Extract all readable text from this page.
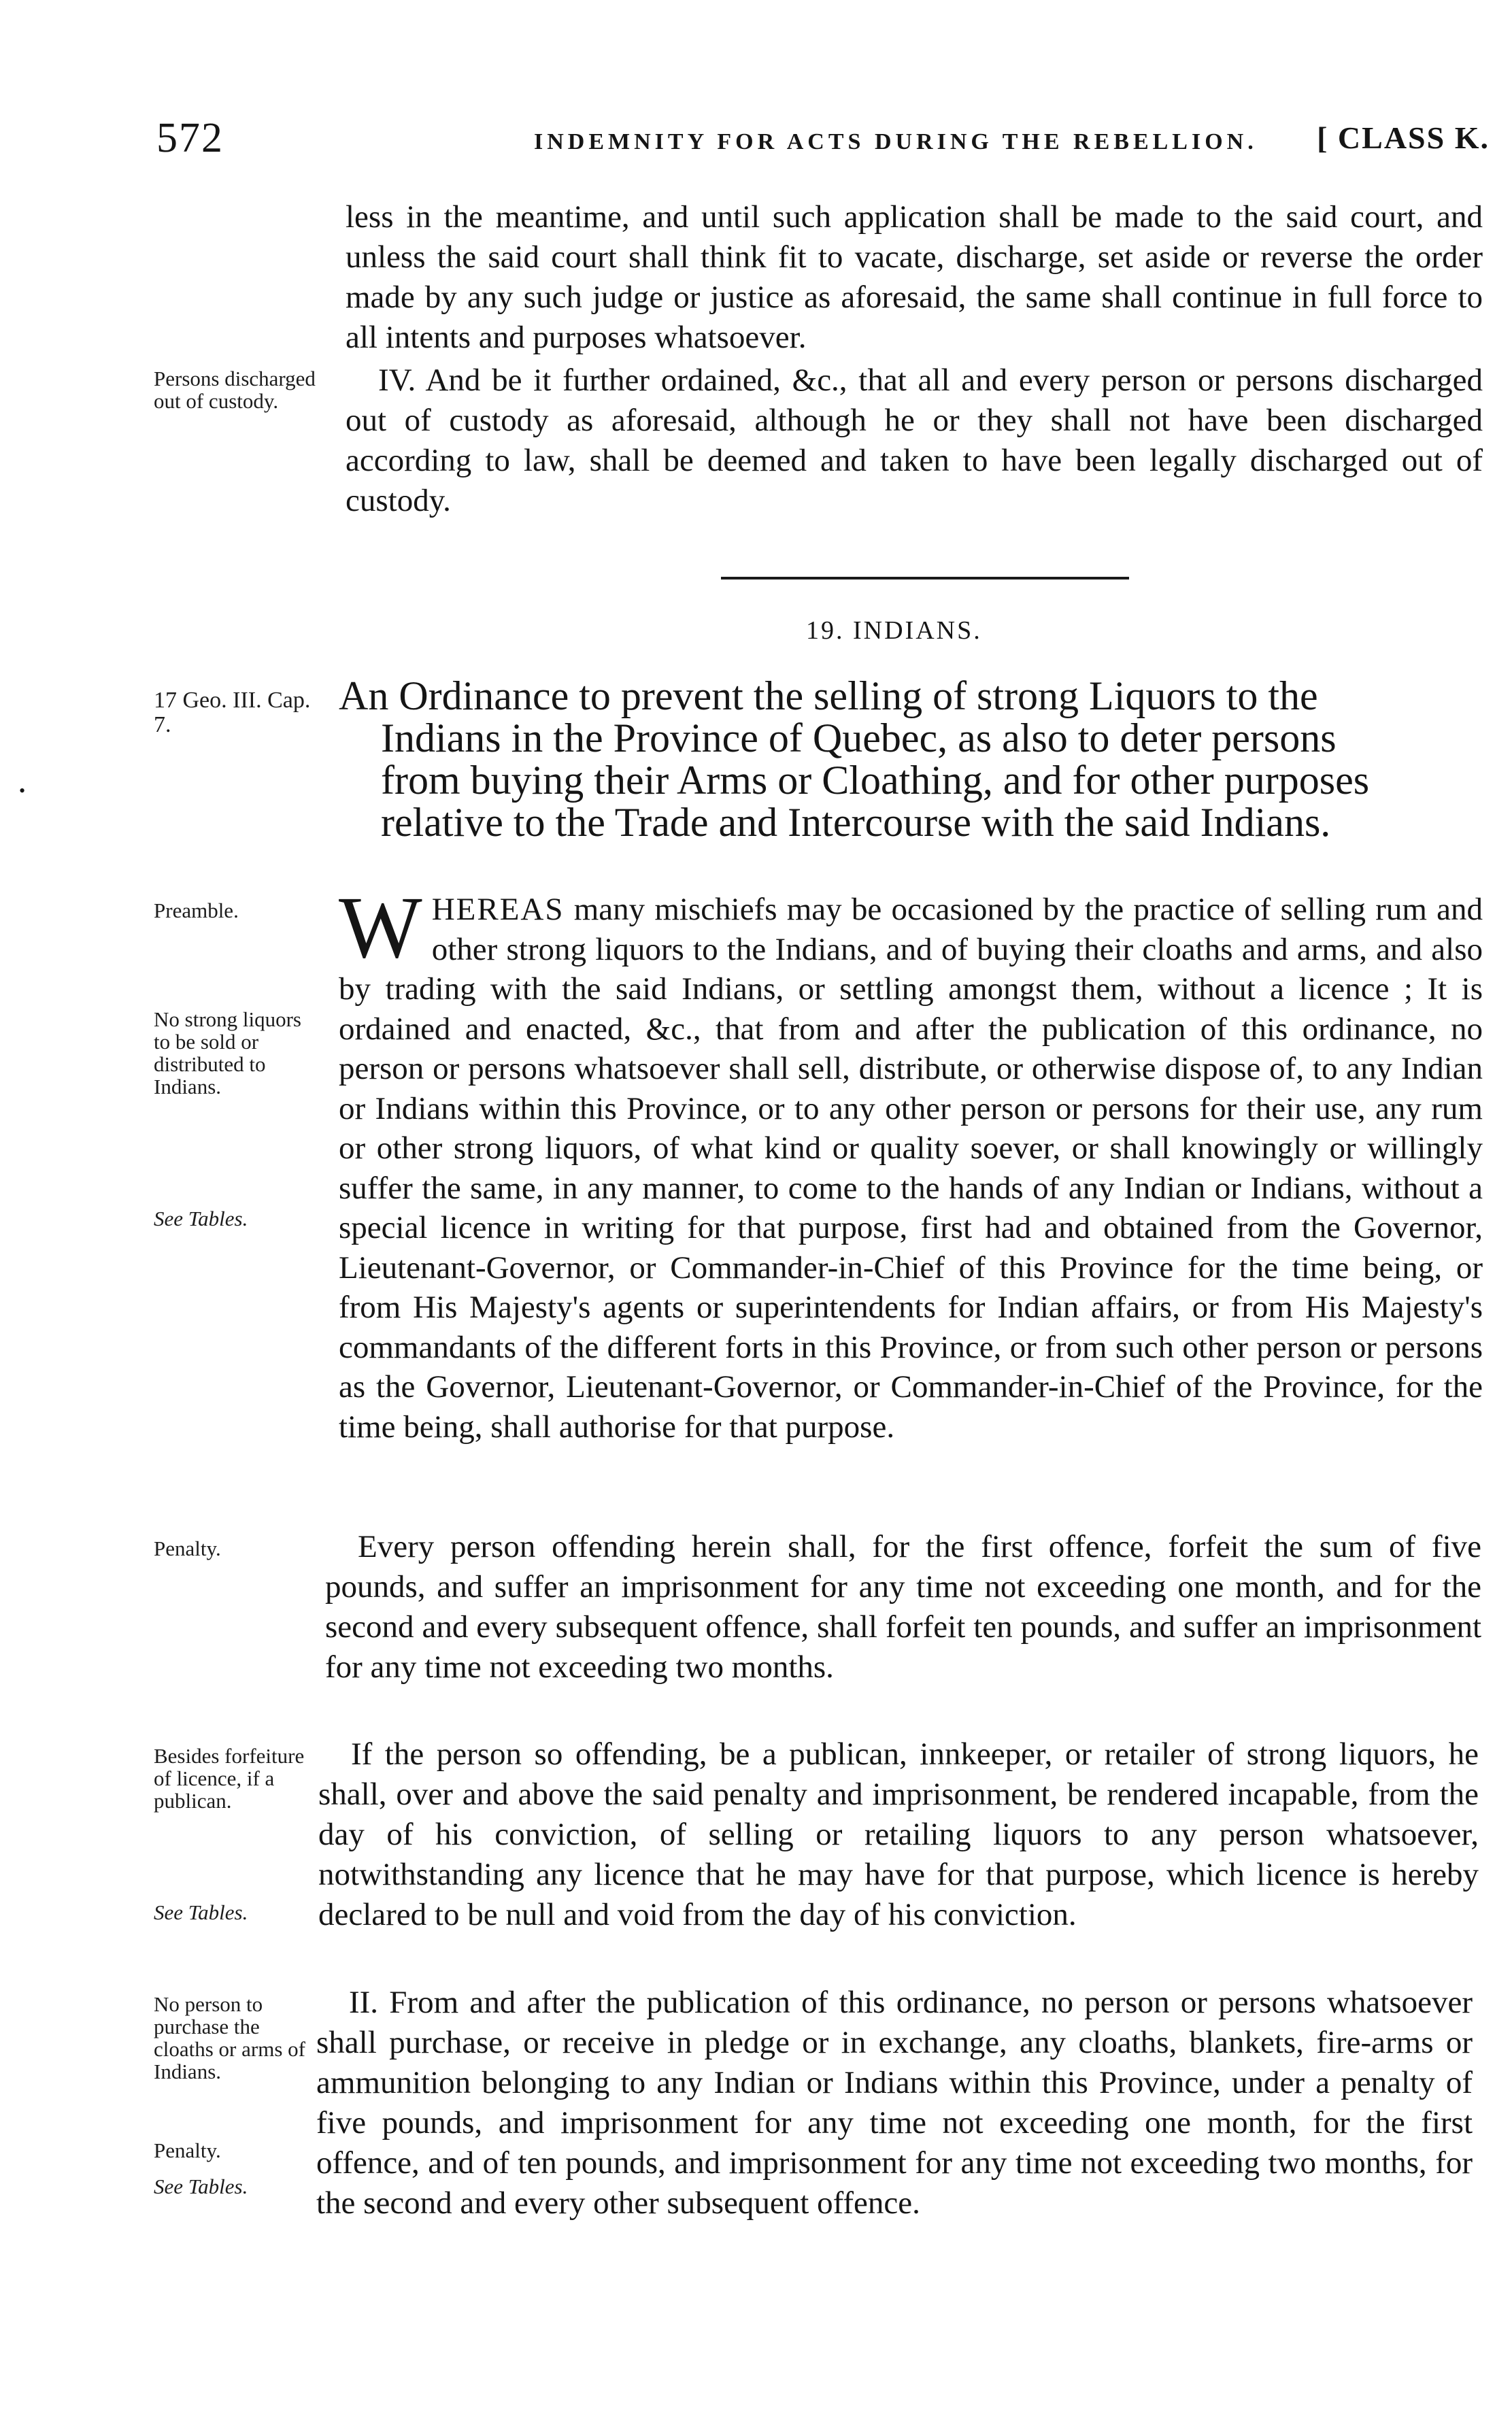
572	INDEMNITY FOR ACTS DURING THE REBELLION. [ CLASS K.
less in the meantime, and until such application shall be made to the said court, and unless the said court shall think fit to vacate, discharge, set aside or reverse the order made by any such judge or justice as aforesaid, the same shall continue in full force to all intents and purposes whatsoever.
Persons discharged out of custody.
IV. And be it further ordained, &c., that all and every person or persons discharged out of custody as aforesaid, although he or they shall not have been discharged according to law, shall be deemed and taken to have been legally discharged out of custody.
19. INDIANS.
17 Geo. III. Cap. 7.
An Ordinance to prevent the selling of strong Liquors to the
Indians in the Province of Quebec, as also to deter persons
from buying their Arms or Cloathing, and for other purposes
relative to the Trade and Intercourse with the said Indians.
•
Preamble.
No strong liquors to be sold or distributed to Indians.
See Tables.
WHEREAS many mischiefs may be occasioned by the practice of selling rum and other strong liquors to the Indians, and of buying their cloaths and arms, and also by trading with the said Indians, or settling amongst them, without a licence ; It is ordained and enacted, &c., that from and after the publication of this ordinance, no person or persons whatsoever shall sell, distribute, or otherwise dispose of, to any Indian or Indians within this Province, or to any other person or persons for their use, any rum or other strong liquors, of what kind or quality soever, or shall knowingly or willingly suffer the same, in any manner, to come to the hands of any Indian or Indians, without a special licence in writing for that purpose, first had and obtained from the Governor, Lieutenant-Governor, or Commander-in-Chief of this Province for the time being, or from His Majesty's agents or superintendents for Indian affairs, or from His Majesty's commandants of the different forts in this Province, or from such other person or persons as the Governor, Lieutenant-Governor, or Commander-in-Chief of the Province, for the time being, shall authorise for that purpose.
Penalty.	Every person offending herein shall, for the first offence, forfeit the sum of five pounds, and suffer an imprisonment for any time not exceeding one month, and for the second and every subsequent offence, shall forfeit ten pounds, and suffer an imprisonment for any time not exceeding two months.
Besides forfeiture of licence, if a publican.
See Tables.
If the person so offending, be a publican, innkeeper, or retailer of strong liquors, he shall, over and above the said penalty and imprisonment, be rendered incapable, from the day of his conviction, of selling or retailing liquors to any person whatsoever, notwithstanding any licence that he may have for that purpose, which licence is hereby declared to be null and void from the day of his conviction.
No person to purchase the cloaths or arms of Indians.
Penalty.
See Tables.
II. From and after the publication of this ordinance, no person or persons whatsoever shall purchase, or receive in pledge or in exchange, any cloaths, blankets, fire-arms or ammunition belonging to any Indian or Indians within this Province, under a penalty of five pounds, and imprisonment for any time not exceeding one month, for the first offence, and of ten pounds, and imprisonment for any time not exceeding two months, for the second and every other subsequent offence.
